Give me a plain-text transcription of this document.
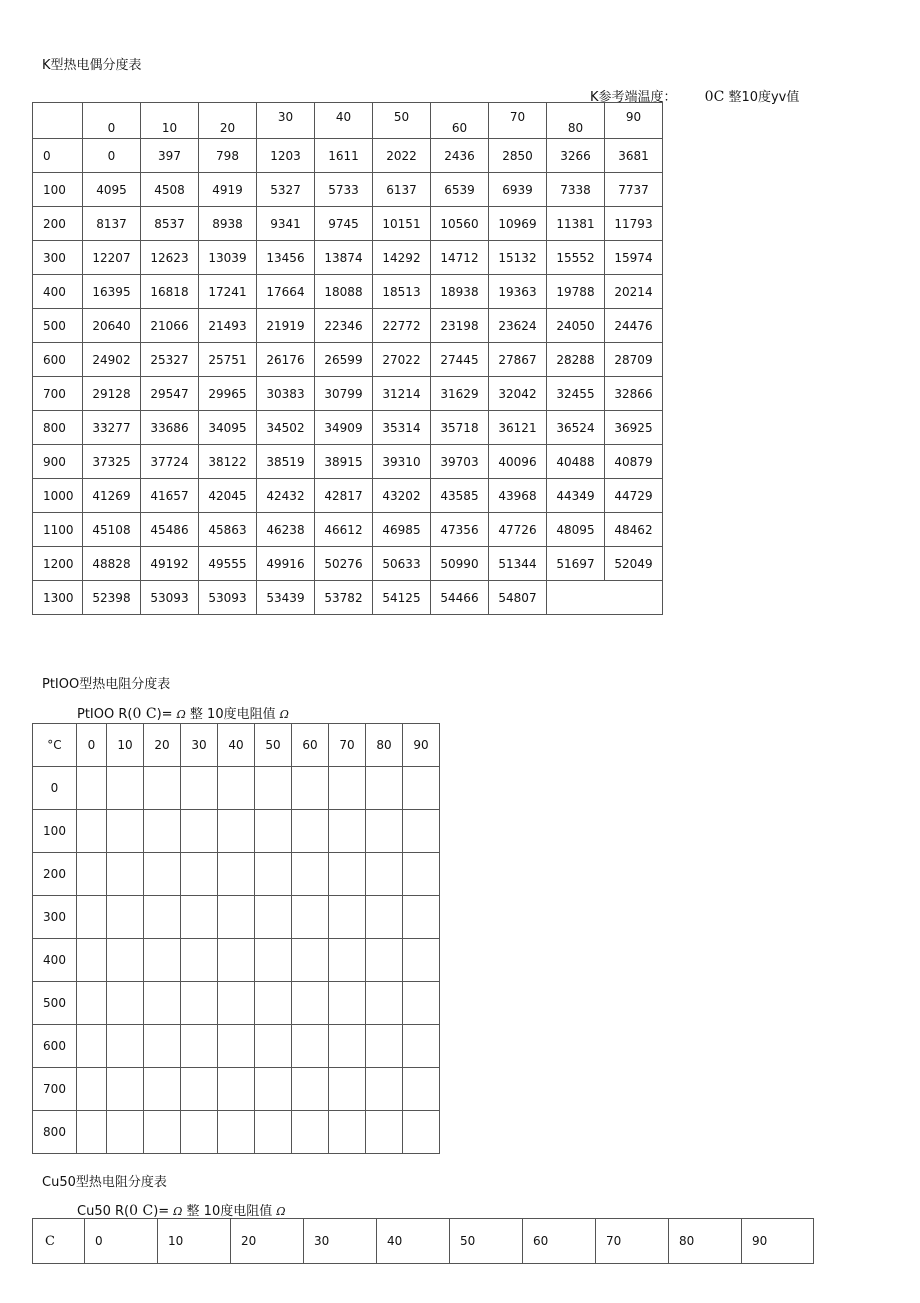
K型热电偶分度表
K参考端温度： 0C 整10度yv值
	0	10	20	30	40	50	60	70	80	90
0	0	397	798	1203	1611	2022	2436	2850	3266	3681
100	4095	4508	4919	5327	5733	6137	6539	6939	7338	7737
200	8137	8537	8938	9341	9745	10151	10560	10969	11381	11793
300	12207	12623	13039	13456	13874	14292	14712	15132	15552	15974
400	16395	16818	17241	17664	18088	18513	18938	19363	19788	20214
500	20640	21066	21493	21919	22346	22772	23198	23624	24050	24476
600	24902	25327	25751	26176	26599	27022	27445	27867	28288	28709
700	29128	29547	29965	30383	30799	31214	31629	32042	32455	32866
800	33277	33686	34095	34502	34909	35314	35718	36121	36524	36925
900	37325	37724	38122	38519	38915	39310	39703	40096	40488	40879
1000	41269	41657	42045	42432	42817	43202	43585	43968	44349	44729
1100	45108	45486	45863	46238	46612	46985	47356	47726	48095	48462
1200	48828	49192	49555	49916	50276	50633	50990	51344	51697	52049
1300	52398	53093	53093	53439	53782	54125	54466	54807		
PtIOO型热电阻分度表
PtIOO R(0 C)= Ω 整 10度电阻值 Ω
°C	0	10	20	30	40	50	60	70	80	90
0										
100										
200										
300										
400										
500										
600										
700										
800										
Cu50型热电阻分度表
Cu50 R(0 C)= Ω 整 10度电阻值 Ω
C	0	10	20	30	40	50	60	70	80	90
